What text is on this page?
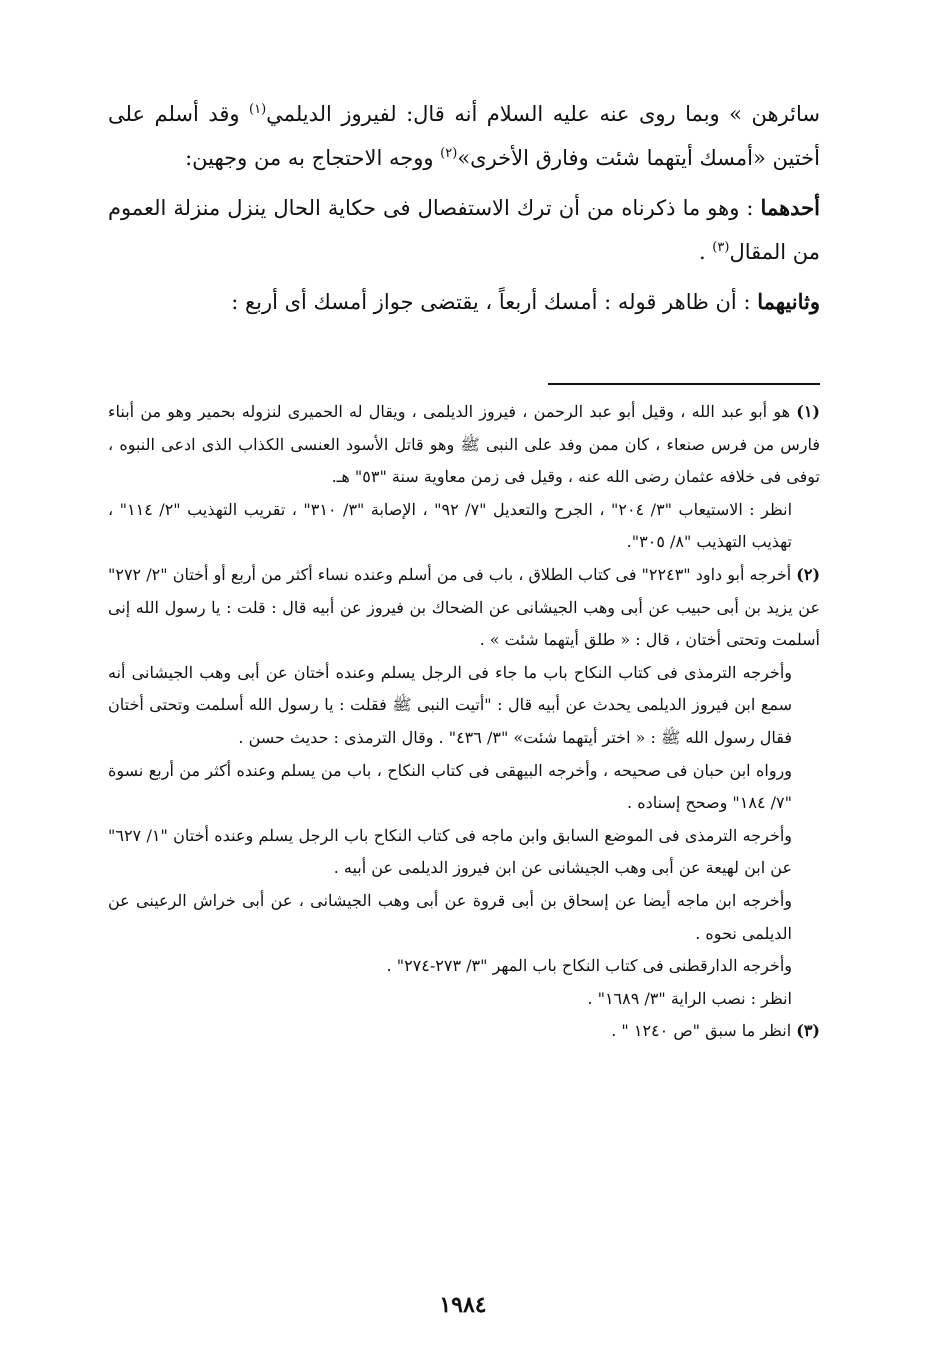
سائرهن » وبما روى عنه عليه السلام أنه قال: لفيروز الديلمي$^{(١)}$ وقد أسلم على أختين «أمسك أيتهما شئت وفارق الأخرى»$^{(٢)}$ ووجه الاحتجاج به من وجهين:

أحدهما : وهو ما ذكرناه من أن ترك الاستفصال فى حكاية الحال ينزل منزلة العموم من المقال$^{(٣)}$ .

وثانيهما : أن ظاهر قوله : أمسك أربعاً ، يقتضى جواز أمسك أى أربع :

(١) هو أبو عبد الله ، وقيل أبو عبد الرحمن ، فيروز الديلمى ، ويقال له الحميرى لنزوله بحمير وهو من أبناء فارس من فرس صنعاء ، كان ممن وفد على النبى ﷺ وهو قاتل الأسود العنسى الكذاب الذى ادعى النبوه ، توفى فى خلافه عثمان رضى الله عنه ، وقيل فى زمن معاوية سنة "٥٣" هـ.
انظر : الاستيعاب "٣/ ٢٠٤" ، الجرح والتعديل "٧/ ٩٢" ، الإصابة "٣/ ٣١٠" ، تقريب التهذيب "٢/ ١١٤" ، تهذيب التهذيب "٨/ ٣٠٥".
(٢) أخرجه أبو داود "٢٢٤٣" فى كتاب الطلاق ، باب فى من أسلم وعنده نساء أكثر من أربع أو أختان "٢/ ٢٧٢" عن يزيد بن أبى حبيب عن أبى وهب الجيشانى عن الضحاك بن فيروز عن أبيه قال : قلت : يا رسول الله إنى أسلمت وتحتى أختان ، قال : « طلق أيتهما شئت » .
وأخرجه الترمذى فى كتاب النكاح باب ما جاء فى الرجل يسلم وعنده أختان عن أبى وهب الجيشانى أنه سمع ابن فيروز الديلمى يحدث عن أبيه قال : "أتيت النبى ﷺ فقلت : يا رسول الله أسلمت وتحتى أختان فقال رسول الله ﷺ : « اختر أيتهما شئت» "٣/ ٤٣٦" . وقال الترمذى : حديث حسن .
ورواه ابن حبان فى صحيحه ، وأخرجه البيهقى فى كتاب النكاح ، باب من يسلم وعنده أكثر من أربع نسوة "٧/ ١٨٤" وصحح إسناده .
وأخرجه الترمذى فى الموضع السابق وابن ماجه فى كتاب النكاح باب الرجل يسلم وعنده أختان "١/ ٦٢٧" عن ابن لهيعة عن أبى وهب الجيشانى عن ابن فيروز الديلمى عن أبيه .
وأخرجه ابن ماجه أيضا عن إسحاق بن أبى قروة عن أبى وهب الجيشانى ، عن أبى خراش الرعينى عن الديلمى نحوه .
وأخرجه الدارقطنى فى كتاب النكاح باب المهر "٣/ ٢٧٣-٢٧٤" .
انظر : نصب الراية "٣/ ١٦٨٩" .
(٣) انظر ما سبق "ص ١٢٤٠ " .
١٩٨٤
